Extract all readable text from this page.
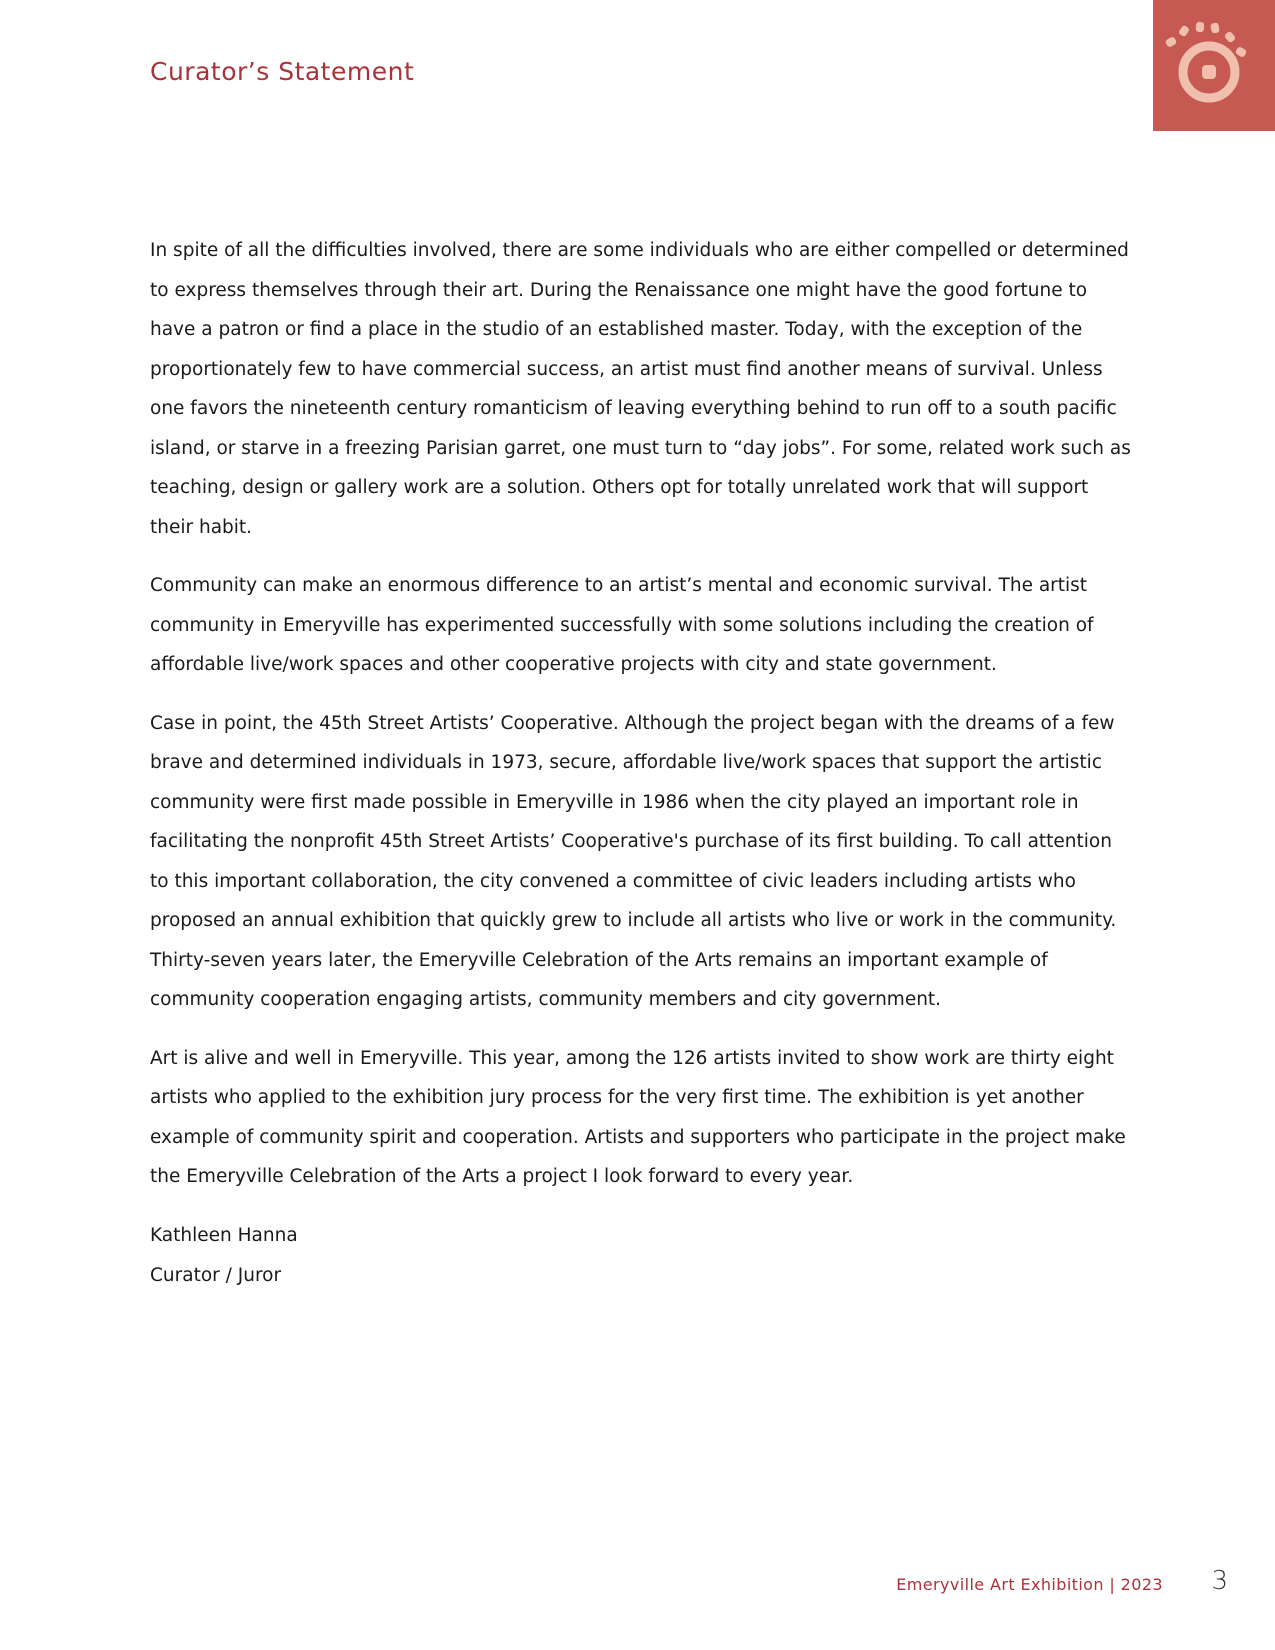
Curator’s Statement

In spite of all the difficulties involved, there are some individuals who are either compelled or determined to express themselves through their art. During the Renaissance one might have the good fortune to have a patron or find a place in the studio of an established master. Today, with the exception of the proportionately few to have commercial success, an artist must find another means of survival. Unless one favors the nineteenth century romanticism of leaving everything behind to run off to a south pacific island, or starve in a freezing Parisian garret, one must turn to “day jobs”. For some, related work such as teaching, design or gallery work are a solution. Others opt for totally unrelated work that will support their habit.

Community can make an enormous difference to an artist’s mental and economic survival. The artist community in Emeryville has experimented successfully with some solutions including the creation of affordable live/work spaces and other cooperative projects with city and state government.

Case in point, the 45th Street Artists’ Cooperative. Although the project began with the dreams of a few brave and determined individuals in 1973, secure, affordable live/work spaces that support the artistic community were first made possible in Emeryville in 1986 when the city played an important role in facilitating the nonprofit 45th Street Artists’ Cooperative's purchase of its first building. To call attention to this important collaboration, the city convened a committee of civic leaders including artists who proposed an annual exhibition that quickly grew to include all artists who live or work in the community. Thirty-seven years later, the Emeryville Celebration of the Arts remains an important example of community cooperation engaging artists, community members and city government.

Art is alive and well in Emeryville. This year, among the 126 artists invited to show work are thirty eight artists who applied to the exhibition jury process for the very first time. The exhibition is yet another example of community spirit and cooperation. Artists and supporters who participate in the project make the Emeryville Celebration of the Arts a project I look forward to every year.

Kathleen Hanna
Curator / Juror
Emeryville Art Exhibition | 2023 3
